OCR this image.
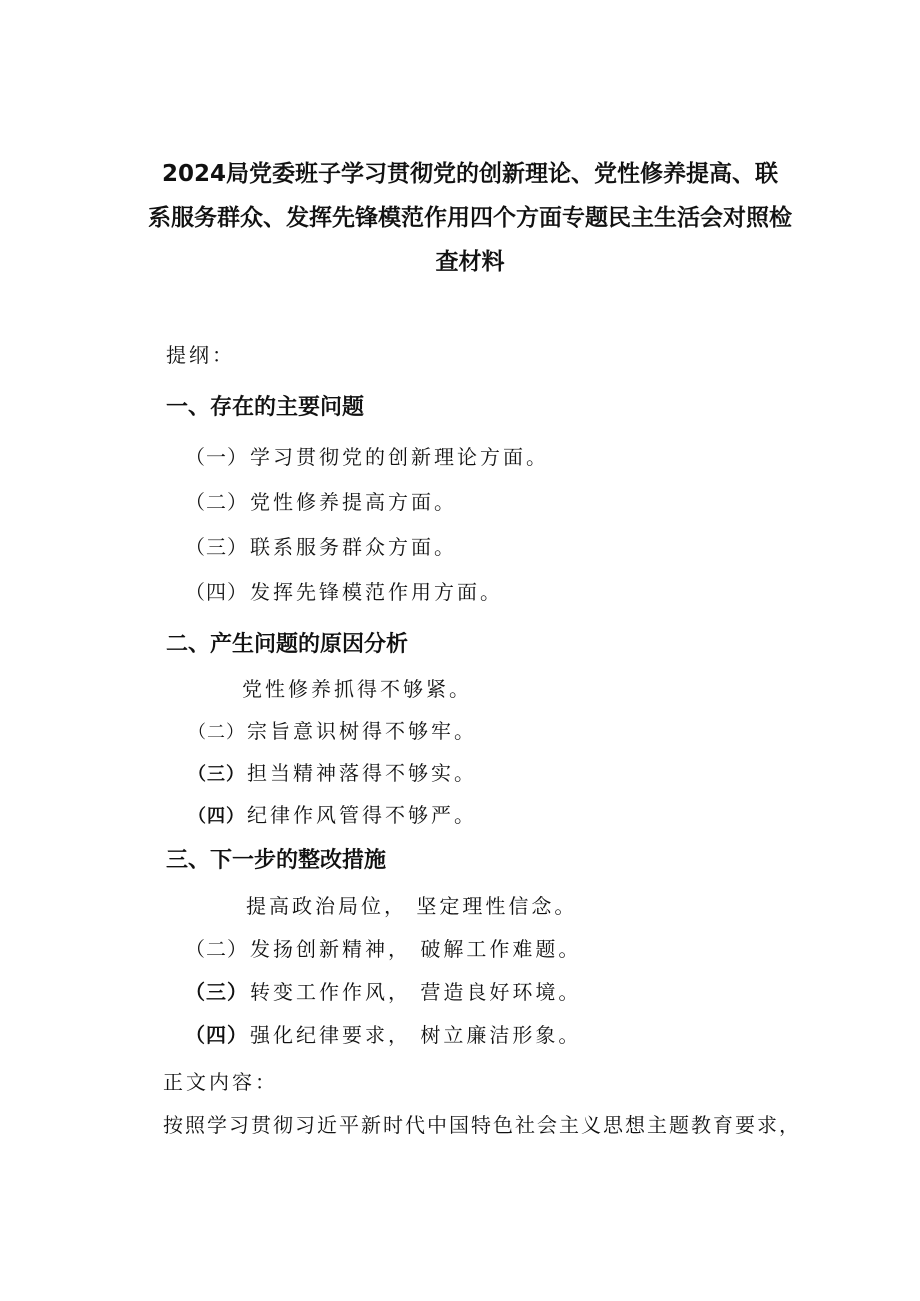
2024局党委班子学习贯彻党的创新理论、党性修养提高、联
系服务群众、发挥先锋模范作用四个方面专题民主生活会对照检
查材料
提纲：
一、存在的主要问题
（一） 学习贯彻党的创新理论方面。
（二） 党性修养提高方面。
（三） 联系服务群众方面。
（四） 发挥先锋模范作用方面。
二、产生问题的原因分析
党性修养抓得不够紧。
（二） 宗旨意识树得不够牢。
（三） 担当精神落得不够实。
（四） 纪律作风管得不够严。
三、下一步的整改措施
提高政治局位， 坚定理性信念。
（二） 发扬创新精神， 破解工作难题。
（三） 转变工作作风， 营造良好环境。
（四） 强化纪律要求， 树立廉洁形象。
正文内容：
按照学习贯彻习近平新时代中国特色社会主义思想主题教育要求，
